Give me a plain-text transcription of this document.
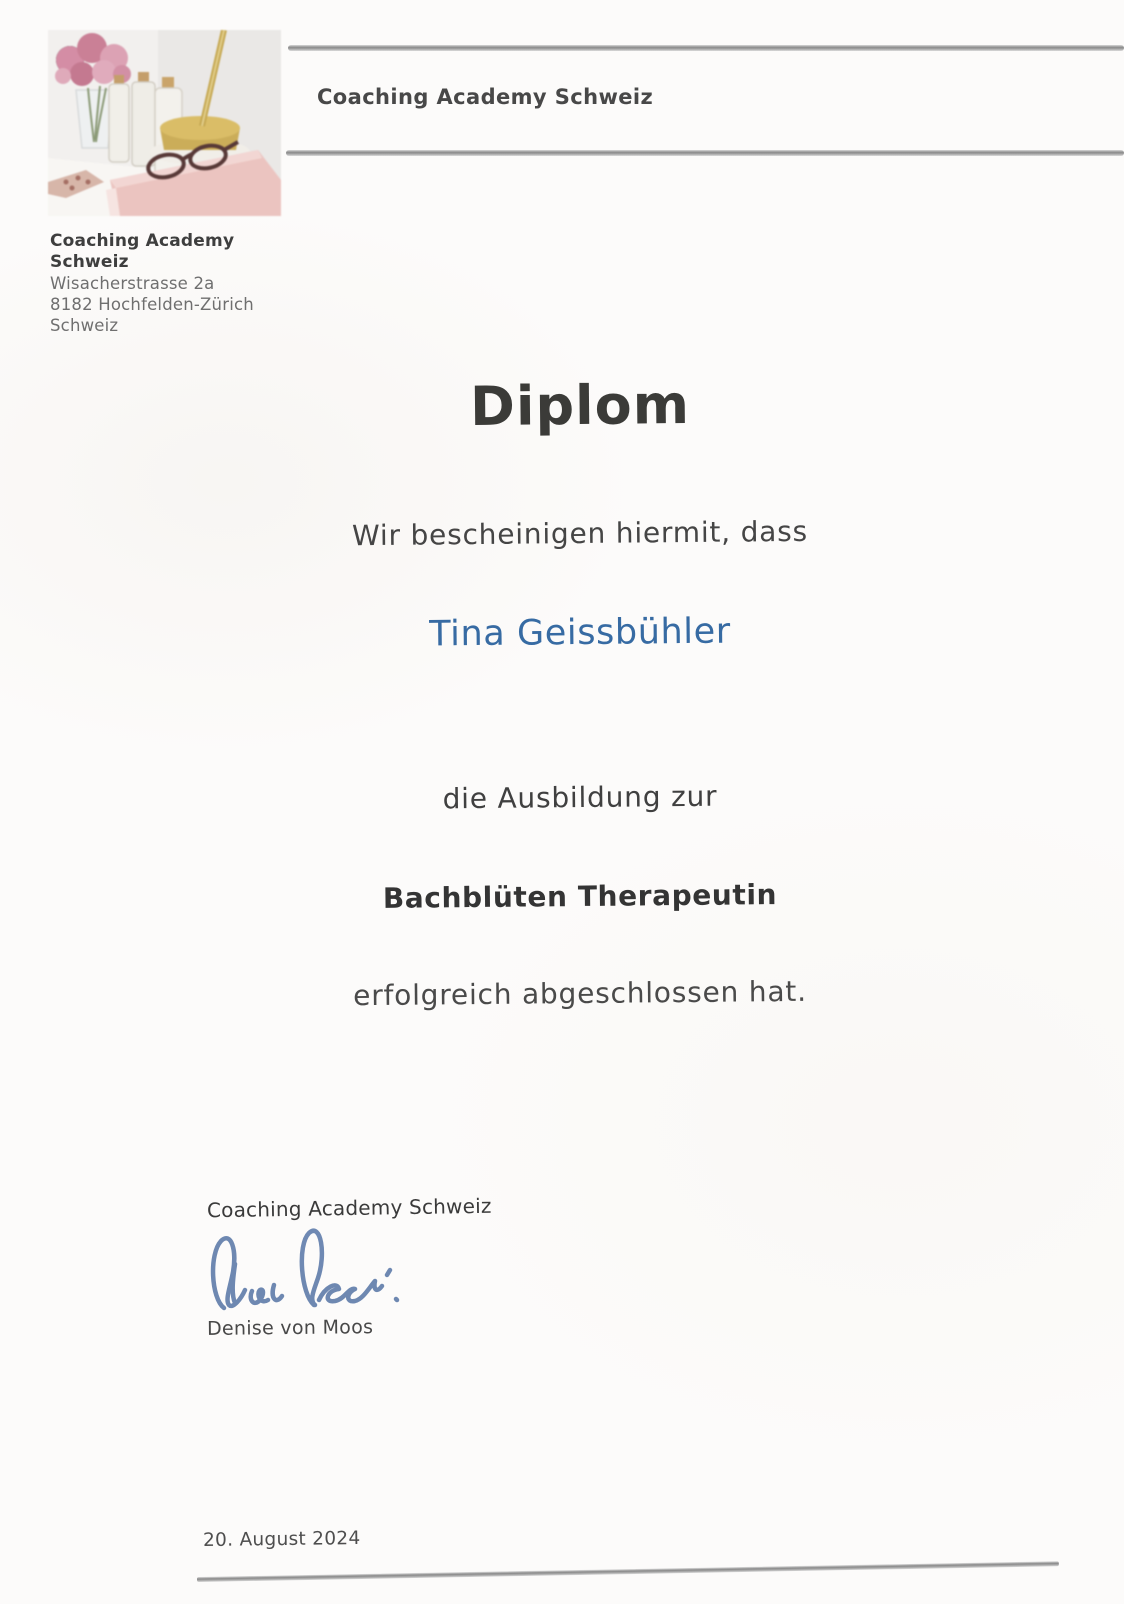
Coaching Academy
Schweiz
Wisacherstrasse 2a
8182 Hochfelden-Zürich
Schweiz
Coaching Academy Schweiz
Diplom
Wir bescheinigen hiermit, dass
Tina Geissbühler
die Ausbildung zur
Bachblüten Therapeutin
erfolgreich abgeschlossen hat.
Coaching Academy Schweiz
Denise von Moos
20. August 2024
